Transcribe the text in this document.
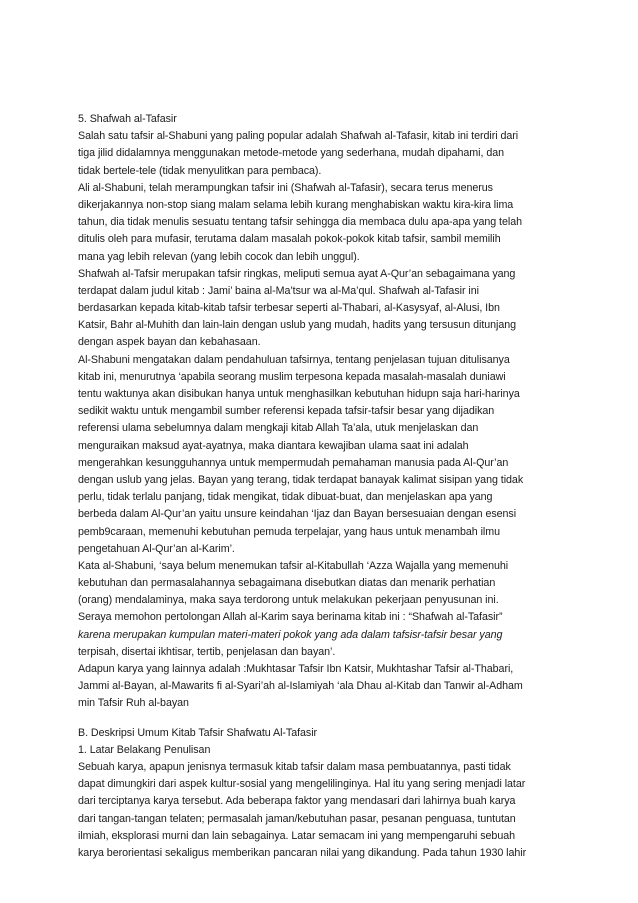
5. Shafwah al-Tafasir
Salah satu tafsir al-Shabuni yang paling popular adalah Shafwah al-Tafasir, kitab ini terdiri dari
tiga jilid didalamnya menggunakan metode-metode yang sederhana, mudah dipahami, dan
tidak bertele-tele (tidak menyulitkan para pembaca).
Ali al-Shabuni, telah merampungkan tafsir ini (Shafwah al-Tafasir), secara terus menerus
dikerjakannya non-stop siang malam selama lebih kurang menghabiskan waktu kira-kira lima
tahun, dia tidak menulis sesuatu tentang tafsir sehingga dia membaca dulu apa-apa yang telah
ditulis oleh para mufasir, terutama dalam masalah pokok-pokok kitab tafsir, sambil memilih
mana yag lebih relevan (yang lebih cocok dan lebih unggul).
Shafwah al-Tafsir merupakan tafsir ringkas, meliputi semua ayat A-Qur’an sebagaimana yang
terdapat dalam judul kitab : Jami’ baina al-Ma’tsur wa al-Ma’qul. Shafwah al-Tafasir ini
berdasarkan kepada kitab-kitab tafsir terbesar seperti al-Thabari, al-Kasysyaf, al-Alusi, Ibn
Katsir, Bahr al-Muhith dan lain-lain dengan uslub yang mudah, hadits yang tersusun ditunjang
dengan aspek bayan dan kebahasaan.
Al-Shabuni mengatakan dalam pendahuluan tafsirnya, tentang penjelasan tujuan ditulisanya
kitab ini, menurutnya ‘apabila seorang muslim terpesona kepada masalah-masalah duniawi
tentu waktunya akan disibukan hanya untuk menghasilkan kebutuhan hidupn saja hari-harinya
sedikit waktu untuk mengambil sumber referensi kepada tafsir-tafsir besar yang dijadikan
referensi ulama sebelumnya dalam mengkaji kitab Allah Ta’ala, utuk menjelaskan dan
menguraikan maksud ayat-ayatnya, maka diantara kewajiban ulama saat ini adalah
mengerahkan kesungguhannya untuk mempermudah pemahaman manusia pada Al-Qur’an
dengan uslub yang jelas. Bayan yang terang, tidak terdapat banayak kalimat sisipan yang tidak
perlu, tidak terlalu panjang, tidak mengikat, tidak dibuat-buat, dan menjelaskan apa yang
berbeda dalam Al-Qur’an yaitu unsure keindahan ‘Ijaz dan Bayan bersesuaian dengan esensi
pemb9caraan, memenuhi kebutuhan pemuda terpelajar, yang haus untuk menambah ilmu
pengetahuan Al-Qur’an al-Karim’.
Kata al-Shabuni, ‘saya belum menemukan tafsir al-Kitabullah ‘Azza Wajalla yang memenuhi
kebutuhan dan permasalahannya sebagaimana disebutkan diatas dan menarik perhatian
(orang) mendalaminya, maka saya terdorong untuk melakukan pekerjaan penyusunan ini.
Seraya memohon pertolongan Allah al-Karim saya berinama kitab ini : “Shafwah al-Tafasir”
karena merupakan kumpulan materi-materi pokok yang ada dalam tafsisr-tafsir besar yang
terpisah, disertai ikhtisar, tertib, penjelasan dan bayan’.
Adapun karya yang lainnya adalah :Mukhtasar Tafsir Ibn Katsir, Mukhtashar Tafsir al-Thabari,
Jammi al-Bayan, al-Mawarits fi al-Syari’ah al-Islamiyah ‘ala Dhau al-Kitab dan Tanwir al-Adham
min Tafsir Ruh al-bayan
B. Deskripsi Umum Kitab Tafsir Shafwatu Al-Tafasir
1. Latar Belakang Penulisan
Sebuah karya, apapun jenisnya termasuk kitab tafsir dalam masa pembuatannya, pasti tidak
dapat dimungkiri dari aspek kultur-sosial yang mengelilinginya. Hal itu yang sering menjadi latar
dari terciptanya karya tersebut. Ada beberapa faktor yang mendasari dari lahirnya buah karya
dari tangan-tangan telaten; permasalah jaman/kebutuhan pasar, pesanan penguasa, tuntutan
ilmiah, eksplorasi murni dan lain sebagainya. Latar semacam ini yang mempengaruhi sebuah
karya berorientasi sekaligus memberikan pancaran nilai yang dikandung. Pada tahun 1930 lahir
